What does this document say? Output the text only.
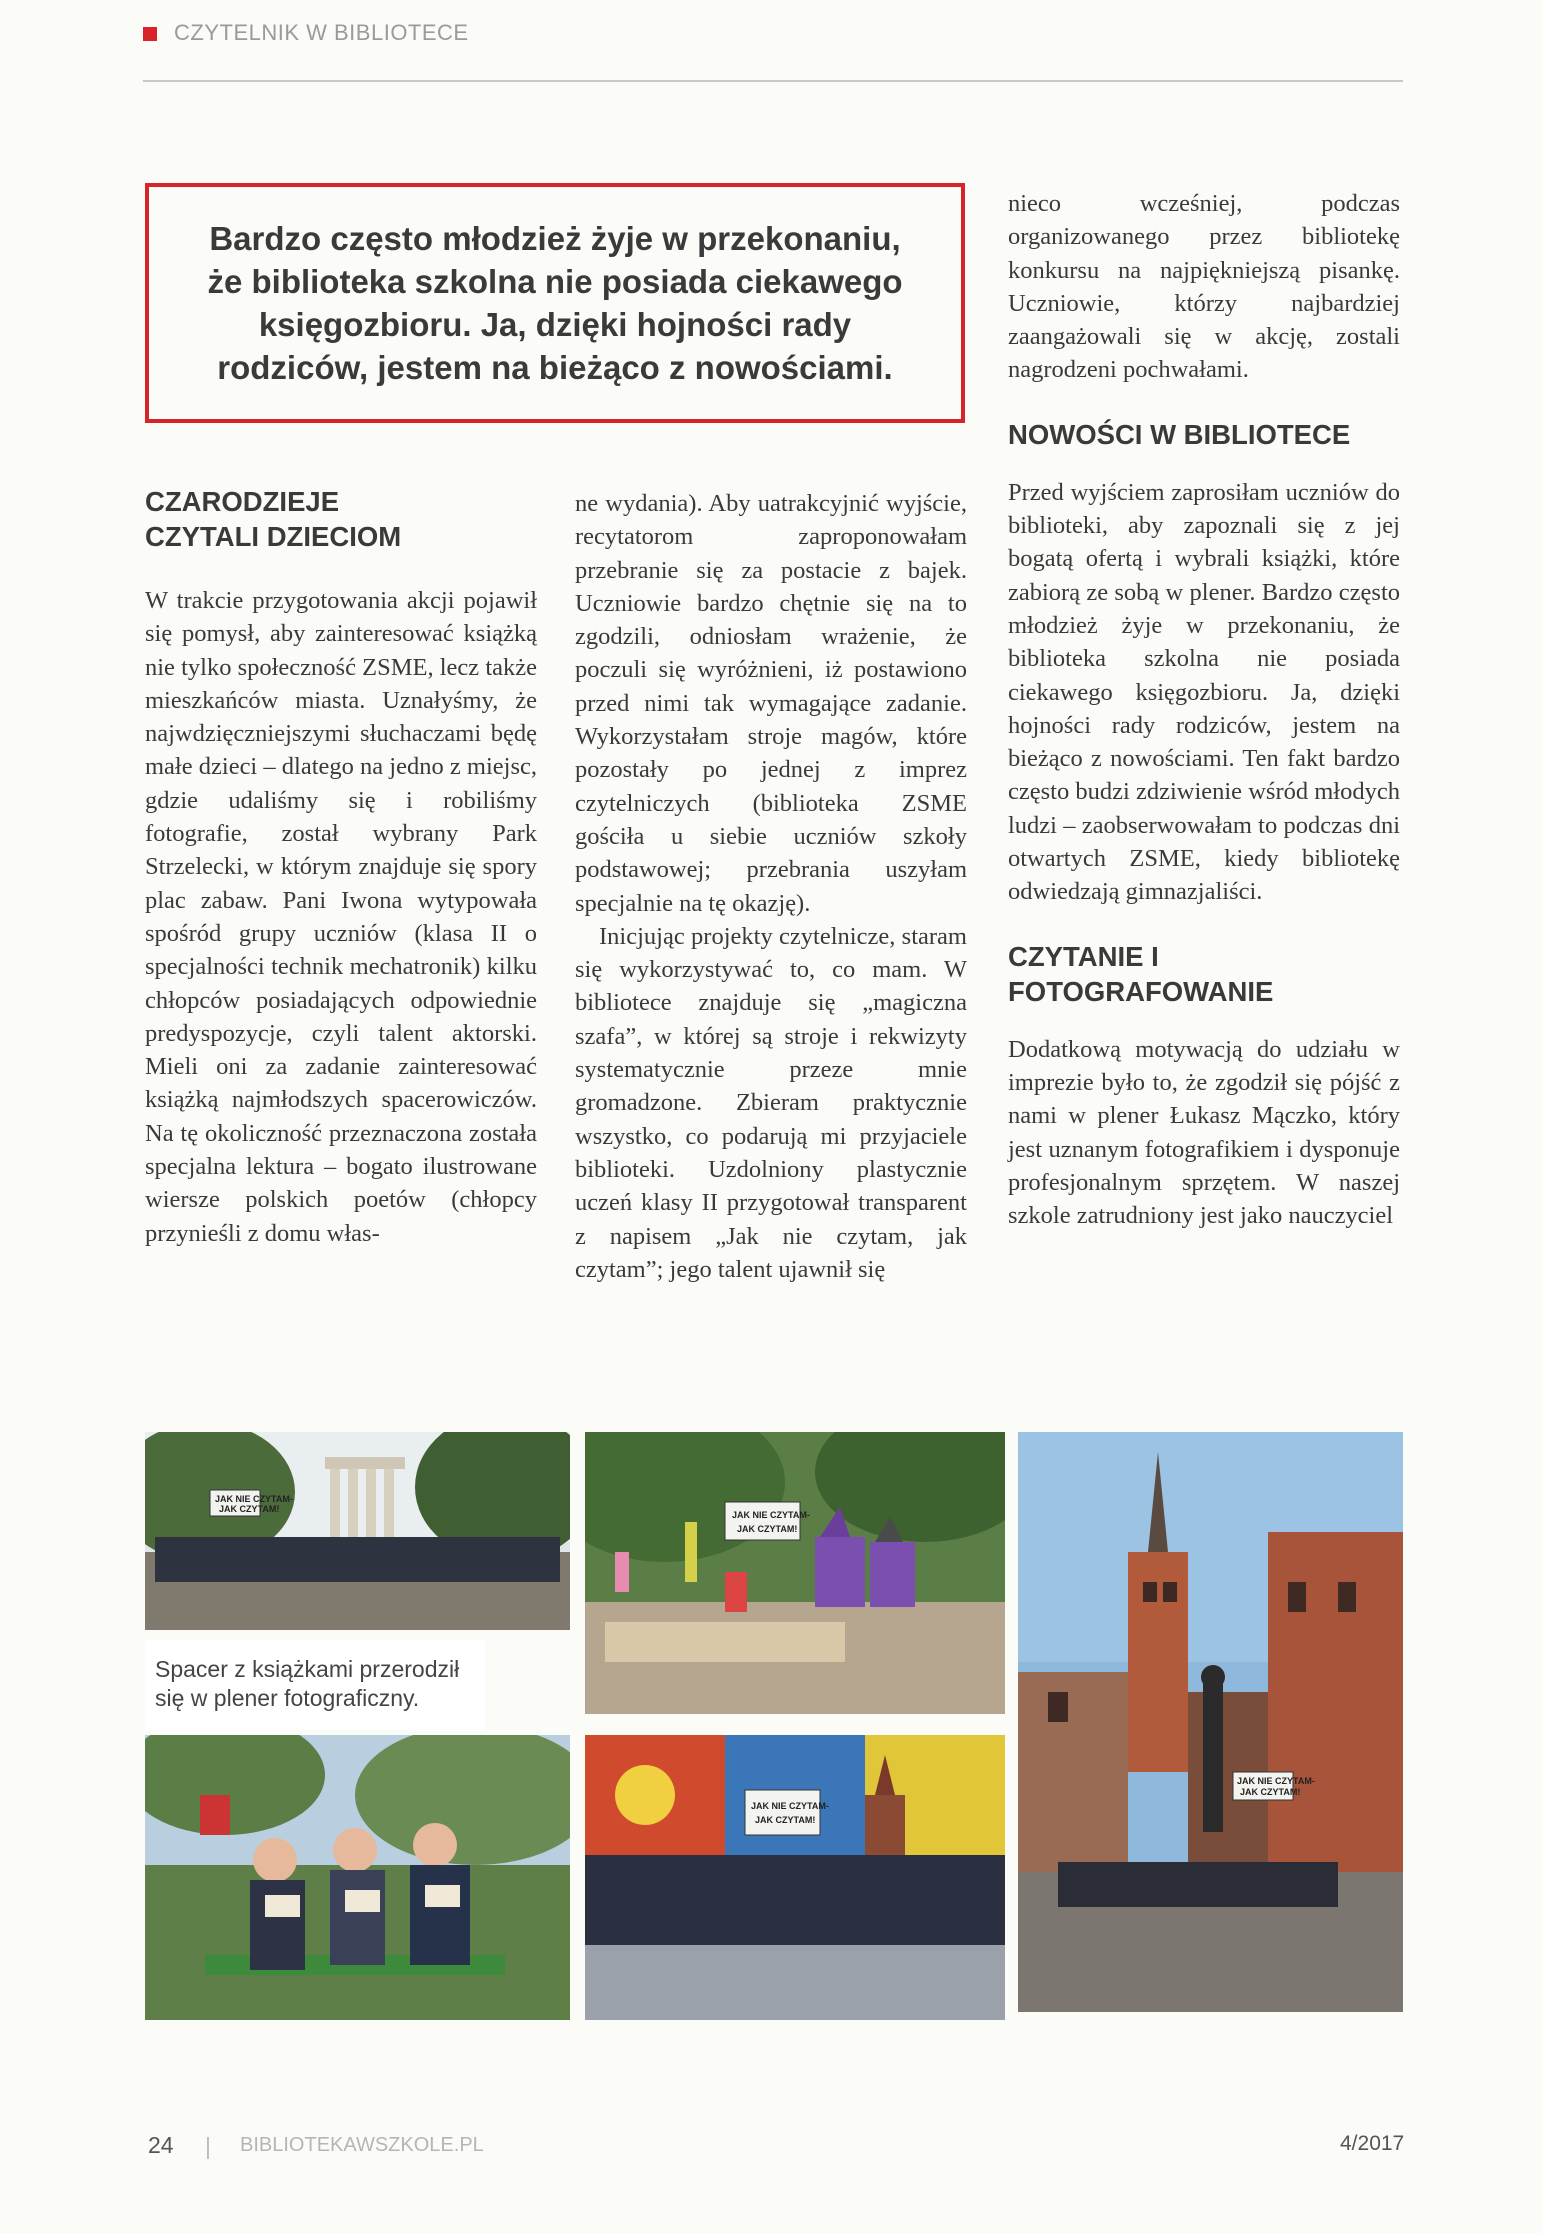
CZYTELNIK W BIBLIOTECE
Bardzo często młodzież żyje w przekonaniu, że biblioteka szkolna nie posiada ciekawego księgozbioru. Ja, dzięki hojności rady rodziców, jestem na bieżąco z nowościami.
CZARODZIEJE CZYTALI DZIECIOM

W trakcie przygotowania akcji pojawił się pomysł, aby zainteresować książką nie tylko społeczność ZSME, lecz także mieszkańców miasta. Uznałyśmy, że najwdzięczniejszymi słuchaczami będę małe dzieci – dlatego na jedno z miejsc, gdzie udaliśmy się i robiliśmy fotografie, został wybrany Park Strzelecki, w którym znajduje się spory plac zabaw. Pani Iwona wytypowała spośród grupy uczniów (klasa II o specjalności technik mechatronik) kilku chłopców posiadających odpowiednie predyspozycje, czyli talent aktorski. Mieli oni za zadanie zainteresować książką najmłodszych spacerowiczów. Na tę okoliczność przeznaczona została specjalna lektura – bogato ilustrowane wiersze polskich poetów (chłopcy przynieśli z domu włas-

ne wydania). Aby uatrakcyjnić wyjście, recytatorom zaproponowałam przebranie się za postacie z bajek. Uczniowie bardzo chętnie się na to zgodzili, odniosłam wrażenie, że poczuli się wyróżnieni, iż postawiono przed nimi tak wymagające zadanie. Wykorzystałam stroje magów, które pozostały po jednej z imprez czytelniczych (biblioteka ZSME gościła u siebie uczniów szkoły podstawowej; przebrania uszyłam specjalnie na tę okazję).

Inicjując projekty czytelnicze, staram się wykorzystywać to, co mam. W bibliotece znajduje się „magiczna szafa”, w której są stroje i rekwizyty systematycznie przeze mnie gromadzone. Zbieram praktycznie wszystko, co podarują mi przyjaciele biblioteki. Uzdolniony plastycznie uczeń klasy II przygotował transparent z napisem „Jak nie czytam, jak czytam”; jego talent ujawnił się

nieco wcześniej, podczas organizowanego przez bibliotekę konkursu na najpiękniejszą pisankę. Uczniowie, którzy najbardziej zaangażowali się w akcję, zostali nagrodzeni pochwałami.

NOWOŚCI W BIBLIOTECE

Przed wyjściem zaprosiłam uczniów do biblioteki, aby zapoznali się z jej bogatą ofertą i wybrali książki, które zabiorą ze sobą w plener. Bardzo często młodzież żyje w przekonaniu, że biblioteka szkolna nie posiada ciekawego księgozbioru. Ja, dzięki hojności rady rodziców, jestem na bieżąco z nowościami. Ten fakt bardzo często budzi zdziwienie wśród młodych ludzi – zaobserwowałam to podczas dni otwartych ZSME, kiedy bibliotekę odwiedzają gimnazjaliści.

CZYTANIE I FOTOGRAFOWANIE

Dodatkową motywacją do udziału w imprezie było to, że zgodził się pójść z nami w plener Łukasz Mączko, który jest uznanym fotografikiem i dysponuje profesjonalnym sprzętem. W naszej szkole zatrudniony jest jako nauczyciel

JAK NIE CZYTAM-
JAK CZYTAM!
Spacer z książkami przerodził się w plener fotograficzny.
JAK NIE CZYTAM-
JAK CZYTAM!
JAK NIE CZYTAM-
JAK CZYTAM!
JAK NIE CZYTAM-
JAK CZYTAM!
24 | BIBLIOTEKAWSZKOLE.PL	4/2017
